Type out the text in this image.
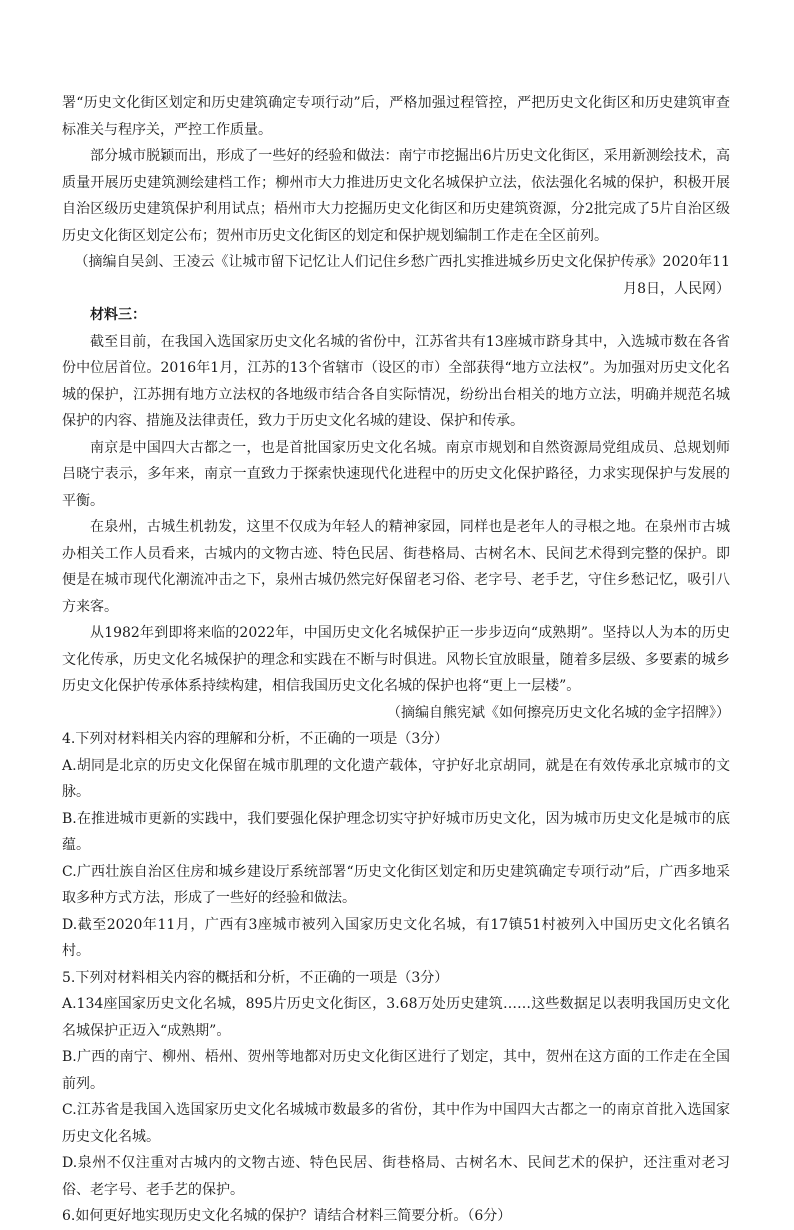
署“历史文化街区划定和历史建筑确定专项行动”后，严格加强过程管控，严把历史文化街区和历史建筑审查标准关与程序关，严控工作质量。

部分城市脱颖而出，形成了一些好的经验和做法：南宁市挖掘出6片历史文化街区，采用新测绘技术，高质量开展历史建筑测绘建档工作；柳州市大力推进历史文化名城保护立法，依法强化名城的保护，积极开展自治区级历史建筑保护利用试点；梧州市大力挖掘历史文化街区和历史建筑资源，分2批完成了5片自治区级历史文化街区划定公布；贺州市历史文化街区的划定和保护规划编制工作走在全区前列。

（摘编自吴剑、王凌云《让城市留下记忆让人们记住乡愁广西扎实推进城乡历史文化保护传承》2020年11月8日，人民网）

材料三：

截至目前，在我国入选国家历史文化名城的省份中，江苏省共有13座城市跻身其中，入选城市数在各省份中位居首位。2016年1月，江苏的13个省辖市（设区的市）全部获得“地方立法权”。为加强对历史文化名城的保护，江苏拥有地方立法权的各地级市结合各自实际情况，纷纷出台相关的地方立法，明确并规范名城保护的内容、措施及法律责任，致力于历史文化名城的建设、保护和传承。

南京是中国四大古都之一，也是首批国家历史文化名城。南京市规划和自然资源局党组成员、总规划师吕晓宁表示，多年来，南京一直致力于探索快速现代化进程中的历史文化保护路径，力求实现保护与发展的平衡。

在泉州，古城生机勃发，这里不仅成为年轻人的精神家园，同样也是老年人的寻根之地。在泉州市古城办相关工作人员看来，古城内的文物古迹、特色民居、街巷格局、古树名木、民间艺术得到完整的保护。即便是在城市现代化潮流冲击之下，泉州古城仍然完好保留老习俗、老字号、老手艺，守住乡愁记忆，吸引八方来客。

从1982年到即将来临的2022年，中国历史文化名城保护正一步步迈向“成熟期”。坚持以人为本的历史文化传承，历史文化名城保护的理念和实践在不断与时俱进。风物长宜放眼量，随着多层级、多要素的城乡历史文化保护传承体系持续构建，相信我国历史文化名城的保护也将“更上一层楼”。

（摘编自熊宪斌《如何擦亮历史文化名城的金字招牌》）

4.下列对材料相关内容的理解和分析，不正确的一项是（3分）

A.胡同是北京的历史文化保留在城市肌理的文化遗产载体，守护好北京胡同，就是在有效传承北京城市的文脉。

B.在推进城市更新的实践中，我们要强化保护理念切实守护好城市历史文化，因为城市历史文化是城市的底蕴。

C.广西壮族自治区住房和城乡建设厅系统部署“历史文化街区划定和历史建筑确定专项行动”后，广西多地采取多种方式方法，形成了一些好的经验和做法。

D.截至2020年11月，广西有3座城市被列入国家历史文化名城，有17镇51村被列入中国历史文化名镇名村。

5.下列对材料相关内容的概括和分析，不正确的一项是（3分）

A.134座国家历史文化名城，895片历史文化街区，3.68万处历史建筑……这些数据足以表明我国历史文化名城保护正迈入“成熟期”。

B.广西的南宁、柳州、梧州、贺州等地都对历史文化街区进行了划定，其中，贺州在这方面的工作走在全国前列。

C.江苏省是我国入选国家历史文化名城城市数最多的省份，其中作为中国四大古都之一的南京首批入选国家历史文化名城。

D.泉州不仅注重对古城内的文物古迹、特色民居、街巷格局、古树名木、民间艺术的保护，还注重对老习俗、老字号、老手艺的保护。

6.如何更好地实现历史文化名城的保护？请结合材料三简要分析。（6分）
